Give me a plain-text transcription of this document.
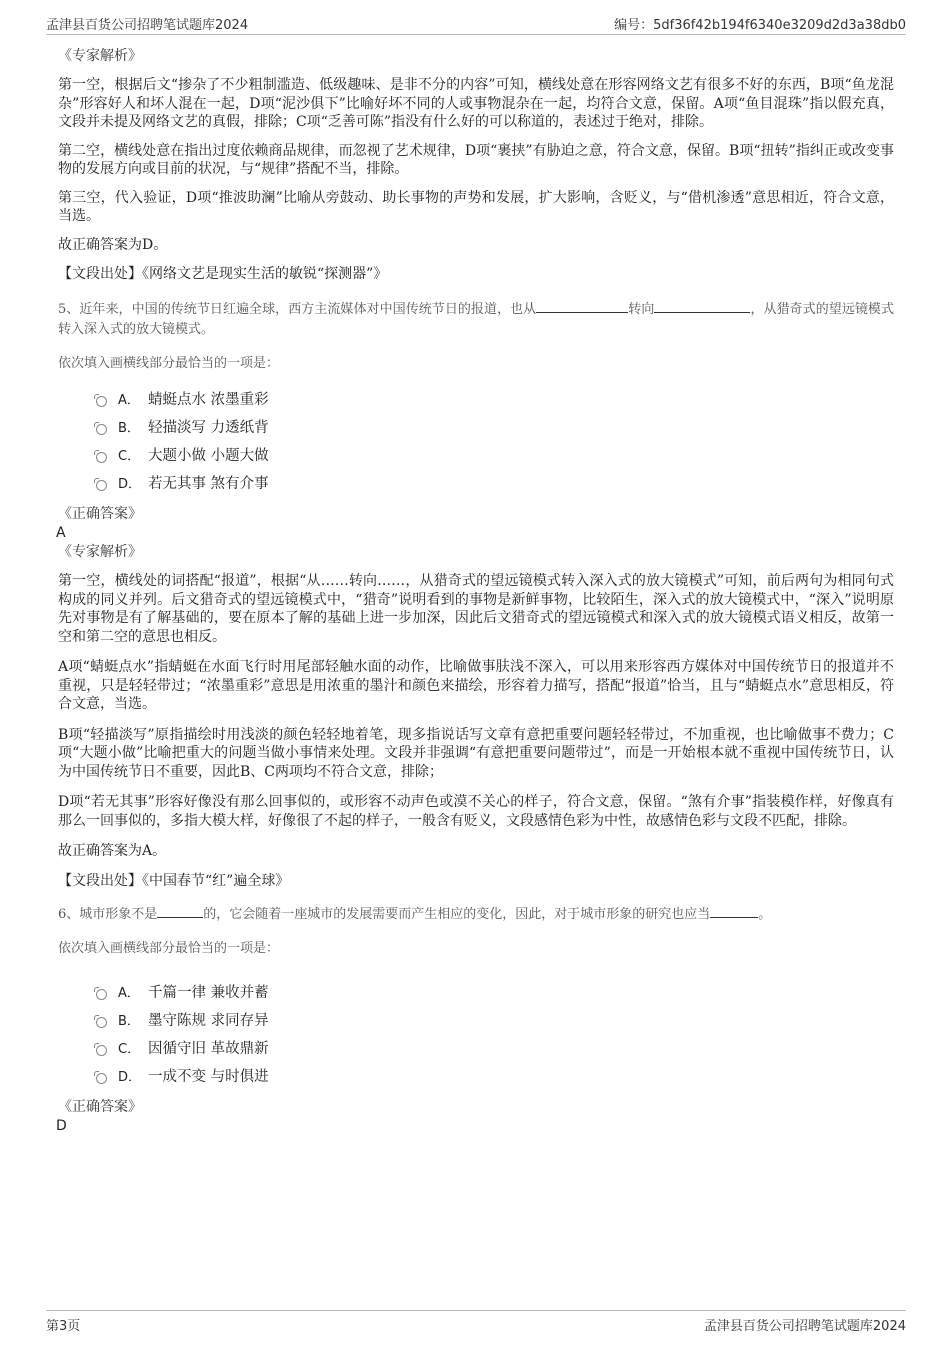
孟津县百货公司招聘笔试题库2024	编号：5df36f42b194f6340e3209d2d3a38db0
《专家解析》

第一空，根据后文“掺杂了不少粗制滥造、低级趣味、是非不分的内容”可知，横线处意在形容网络文艺有很多不好的东西，B项“鱼龙混杂”形容好人和坏人混在一起，D项“泥沙俱下”比喻好坏不同的人或事物混杂在一起，均符合文意，保留。A项“鱼目混珠”指以假充真，文段并未提及网络文艺的真假，排除；C项“乏善可陈”指没有什么好的可以称道的，表述过于绝对，排除。

第二空，横线处意在指出过度依赖商品规律，而忽视了艺术规律，D项“裹挟”有胁迫之意，符合文意，保留。B项“扭转”指纠正或改变事物的发展方向或目前的状况，与“规律”搭配不当，排除。

第三空，代入验证，D项“推波助澜”比喻从旁鼓动、助长事物的声势和发展，扩大影响，含贬义，与“借机渗透”意思相近，符合文意，当选。

故正确答案为D。

【文段出处】《网络文艺是现实生活的敏锐“探测器”》
5、近年来，中国的传统节日红遍全球，西方主流媒体对中国传统节日的报道，也从	转向	，从猎奇式的望远镜模式转入深入式的放大镜模式。
依次填入画横线部分最恰当的一项是：
A． 蜻蜓点水 浓墨重彩
B． 轻描淡写 力透纸背
C． 大题小做 小题大做
D． 若无其事 煞有介事
《正确答案》
A
《专家解析》

第一空，横线处的词搭配“报道”，根据“从……转向……，从猎奇式的望远镜模式转入深入式的放大镜模式”可知，前后两句为相同句式构成的同义并列。后文猎奇式的望远镜模式中，“猎奇”说明看到的事物是新鲜事物，比较陌生，深入式的放大镜模式中，“深入”说明原先对事物是有了解基础的，要在原本了解的基础上进一步加深，因此后文猎奇式的望远镜模式和深入式的放大镜模式语义相反，故第一空和第二空的意思也相反。

A项“蜻蜓点水”指蜻蜓在水面飞行时用尾部轻触水面的动作，比喻做事肤浅不深入，可以用来形容西方媒体对中国传统节日的报道并不重视，只是轻轻带过；“浓墨重彩”意思是用浓重的墨汁和颜色来描绘，形容着力描写，搭配“报道”恰当，且与“蜻蜓点水”意思相反，符合文意，当选。

B项“轻描淡写”原指描绘时用浅淡的颜色轻轻地着笔，现多指说话写文章有意把重要问题轻轻带过，不加重视，也比喻做事不费力；C项“大题小做”比喻把重大的问题当做小事情来处理。文段并非强调“有意把重要问题带过”，而是一开始根本就不重视中国传统节日，认为中国传统节日不重要，因此B、C两项均不符合文意，排除；

D项“若无其事”形容好像没有那么回事似的，或形容不动声色或漠不关心的样子，符合文意，保留。“煞有介事”指装模作样，好像真有那么一回事似的，多指大模大样，好像很了不起的样子，一般含有贬义，文段感情色彩为中性，故感情色彩与文段不匹配，排除。

故正确答案为A。

【文段出处】《中国春节“红”遍全球》
6、城市形象不是	的，它会随着一座城市的发展需要而产生相应的变化，因此，对于城市形象的研究也应当	。
依次填入画横线部分最恰当的一项是：
A． 千篇一律 兼收并蓄
B． 墨守陈规 求同存异
C． 因循守旧 革故鼎新
D． 一成不变 与时俱进
《正确答案》
D
第3页	孟津县百货公司招聘笔试题库2024
